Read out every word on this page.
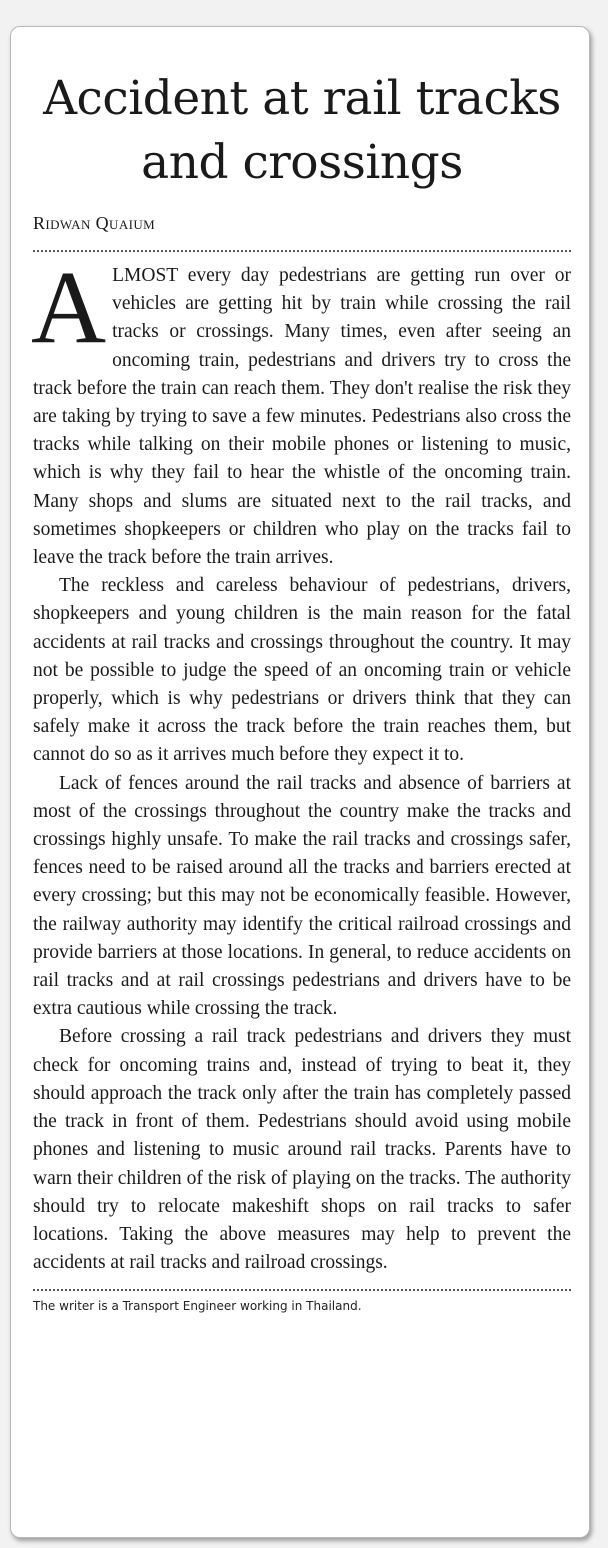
Accident at rail tracks and crossings
Ridwan Quaium

ALMOST every day pedestrians are getting run over or vehicles are getting hit by train while crossing the rail tracks or crossings. Many times, even after seeing an oncoming train, pedestrians and drivers try to cross the track before the train can reach them. They don't realise the risk they are taking by trying to save a few minutes. Pedestrians also cross the tracks while talking on their mobile phones or listening to music, which is why they fail to hear the whistle of the oncoming train. Many shops and slums are situated next to the rail tracks, and sometimes shopkeepers or children who play on the tracks fail to leave the track before the train arrives.

The reckless and careless behaviour of pedestrians, drivers, shopkeepers and young children is the main reason for the fatal accidents at rail tracks and crossings throughout the country. It may not be possible to judge the speed of an oncoming train or vehicle properly, which is why pedestrians or drivers think that they can safely make it across the track before the train reaches them, but cannot do so as it arrives much before they expect it to.

Lack of fences around the rail tracks and absence of barriers at most of the crossings throughout the country make the tracks and crossings highly unsafe. To make the rail tracks and crossings safer, fences need to be raised around all the tracks and barriers erected at every crossing; but this may not be economically feasible. However, the railway authority may identify the critical railroad crossings and provide barriers at those locations. In general, to reduce accidents on rail tracks and at rail crossings pedestrians and drivers have to be extra cautious while crossing the track.

Before crossing a rail track pedestrians and drivers they must check for oncoming trains and, instead of trying to beat it, they should approach the track only after the train has completely passed the track in front of them. Pedestrians should avoid using mobile phones and listening to music around rail tracks. Parents have to warn their children of the risk of playing on the tracks. The authority should try to relocate makeshift shops on rail tracks to safer locations. Taking the above measures may help to prevent the accidents at rail tracks and railroad crossings.

The writer is a Transport Engineer working in Thailand.
